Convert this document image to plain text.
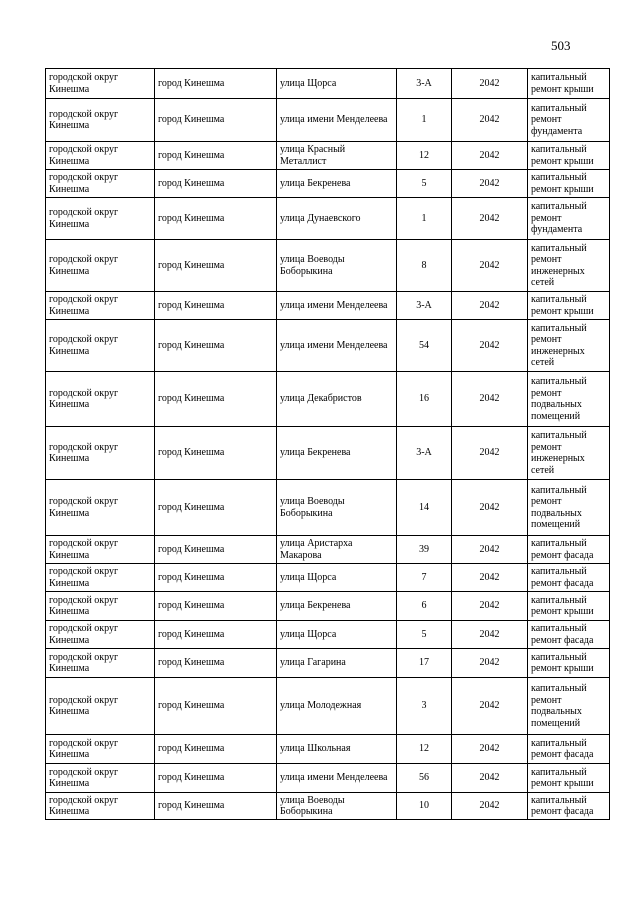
503
городской округ Кинешма	город Кинешма	улица Щорса	3-А	2042	капитальный ремонт крыши
городской округ Кинешма	город Кинешма	улица имени Менделеева	1	2042	капитальный ремонт фундамента
городской округ Кинешма	город Кинешма	улица Красный Металлист	12	2042	капитальный ремонт крыши
городской округ Кинешма	город Кинешма	улица Бекренева	5	2042	капитальный ремонт крыши
городской округ Кинешма	город Кинешма	улица Дунаевского	1	2042	капитальный ремонт фундамента
городской округ Кинешма	город Кинешма	улица Воеводы Боборыкина	8	2042	капитальный ремонт инженерных сетей
городской округ Кинешма	город Кинешма	улица имени Менделеева	3-А	2042	капитальный ремонт крыши
городской округ Кинешма	город Кинешма	улица имени Менделеева	54	2042	капитальный ремонт инженерных сетей
городской округ Кинешма	город Кинешма	улица Декабристов	16	2042	капитальный ремонт подвальных помещений
городской округ Кинешма	город Кинешма	улица Бекренева	3-А	2042	капитальный ремонт инженерных сетей
городской округ Кинешма	город Кинешма	улица Воеводы Боборыкина	14	2042	капитальный ремонт подвальных помещений
городской округ Кинешма	город Кинешма	улица Аристарха Макарова	39	2042	капитальный ремонт фасада
городской округ Кинешма	город Кинешма	улица Щорса	7	2042	капитальный ремонт фасада
городской округ Кинешма	город Кинешма	улица Бекренева	6	2042	капитальный ремонт крыши
городской округ Кинешма	город Кинешма	улица Щорса	5	2042	капитальный ремонт фасада
городской округ Кинешма	город Кинешма	улица Гагарина	17	2042	капитальный ремонт крыши
городской округ Кинешма	город Кинешма	улица Молодежная	3	2042	капитальный ремонт подвальных помещений
городской округ Кинешма	город Кинешма	улица Школьная	12	2042	капитальный ремонт фасада
городской округ Кинешма	город Кинешма	улица имени Менделеева	56	2042	капитальный ремонт крыши
городской округ Кинешма	город Кинешма	улица Воеводы Боборыкина	10	2042	капитальный ремонт фасада
